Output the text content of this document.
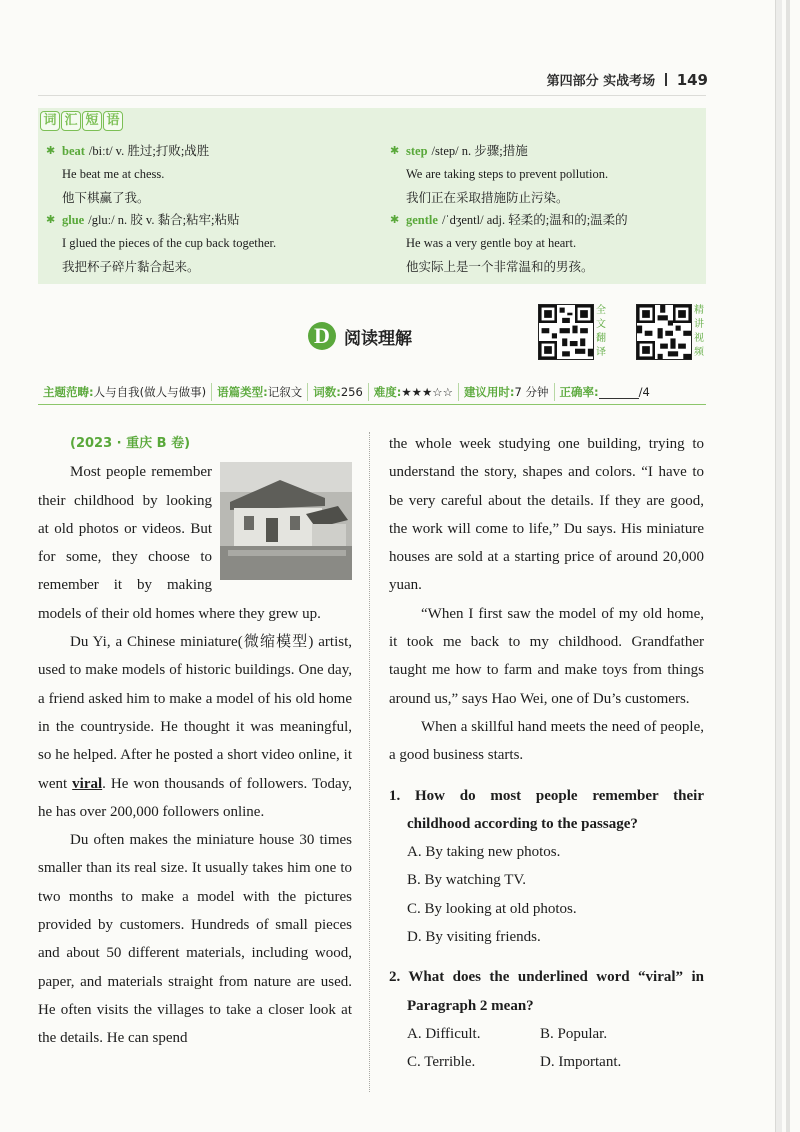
第四部分 实战考场 149
词 汇 短 语
✱ beat /biːt/ v. 胜过;打败;战胜
He beat me at chess.
他下棋赢了我。
✱ glue /gluː/ n. 胶 v. 黏合;粘牢;粘贴
I glued the pieces of the cup back together.
我把杯子碎片黏合起来。
✱ step /step/ n. 步骤;措施
We are taking steps to prevent pollution.
我们正在采取措施防止污染。
✱ gentle /ˈdʒentl/ adj. 轻柔的;温和的;温柔的
He was a very gentle boy at heart.
他实际上是一个非常温和的男孩。
D 阅读理解
全文翻译
精讲视频
主题范畴: 人与自我(做人与做事) 语篇类型: 记叙文 词数: 256 难度: ★★★☆☆ 建议用时: 7 分钟 正确率:	/4
(2023 · 重庆 B 卷)

Most people remember their childhood by looking at old photos or videos. But for some, they choose to remember it by making models of their old homes where they grew up.

Du Yi, a Chinese miniature(微缩模型) artist, used to make models of historic buildings. One day, a friend asked him to make a model of his old home in the countryside. He thought it was meaningful, so he helped. After he posted a short video online, it went viral. He won thousands of followers. Today, he has over 200,000 followers online.

Du often makes the miniature house 30 times smaller than its real size. It usually takes him one to two months to make a model with the pictures provided by customers. Hundreds of small pieces and about 50 different materials, including wood, paper, and materials straight from nature are used. He often visits the villages to take a closer look at the details. He can spend

the whole week studying one building, trying to understand the story, shapes and colors. “I have to be very careful about the details. If they are good, the work will come to life,” Du says. His miniature houses are sold at a starting price of around 20,000 yuan.

“When I first saw the model of my old home, it took me back to my childhood. Grandfather taught me how to farm and make toys from things around us,” says Hao Wei, one of Du’s customers.

When a skillful hand meets the need of people, a good business starts.

1. How do most people remember their childhood according to the passage?
A. By taking new photos.
B. By watching TV.
C. By looking at old photos.
D. By visiting friends.
2. What does the underlined word “viral” in Paragraph 2 mean?
A. Difficult.	B. Popular.
C. Terrible.	D. Important.
